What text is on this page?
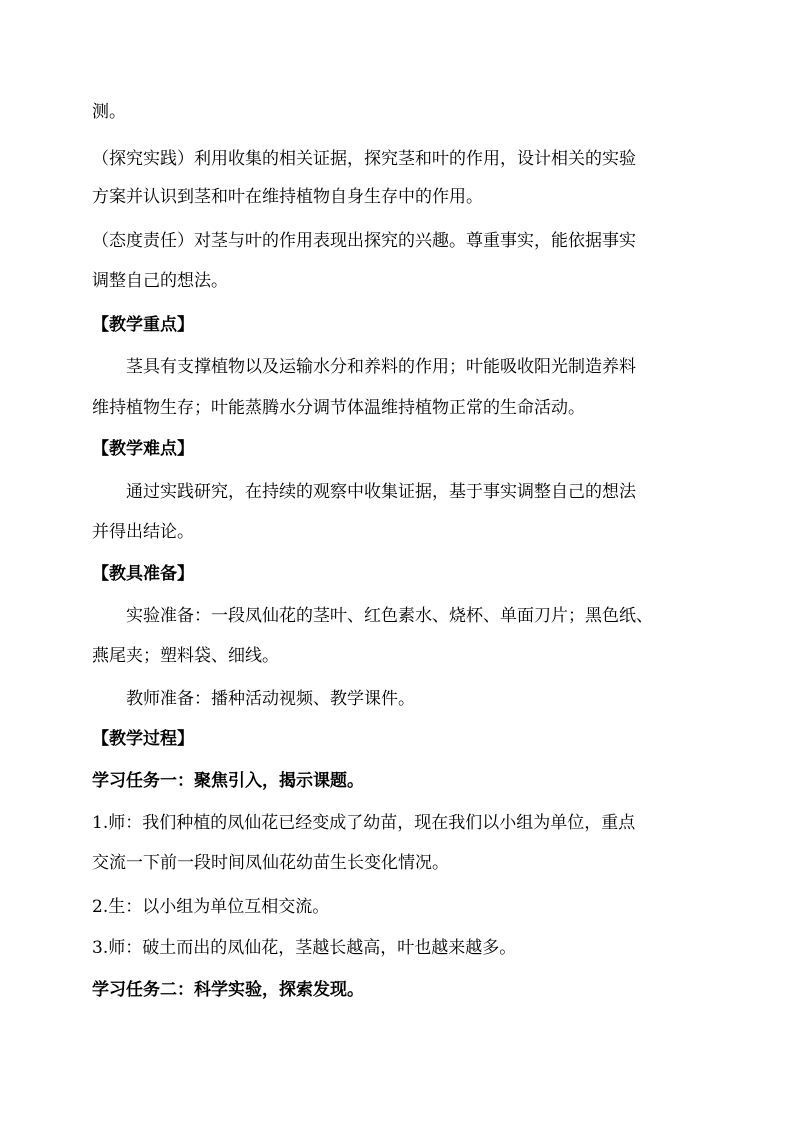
测。
（探究实践）利用收集的相关证据，探究茎和叶的作用，设计相关的实验
方案并认识到茎和叶在维持植物自身生存中的作用。
（态度责任）对茎与叶的作用表现出探究的兴趣。尊重事实，能依据事实
调整自己的想法。
【教学重点】
茎具有支撑植物以及运输水分和养料的作用；叶能吸收阳光制造养料
维持植物生存；叶能蒸腾水分调节体温维持植物正常的生命活动。
【教学难点】
通过实践研究，在持续的观察中收集证据，基于事实调整自己的想法
并得出结论。
【教具准备】
实验准备：一段凤仙花的茎叶、红色素水、烧杯、单面刀片；黑色纸、
燕尾夹；塑料袋、细线。
教师准备：播种活动视频、教学课件。
【教学过程】
学习任务一：聚焦引入，揭示课题。
1.师：我们种植的凤仙花已经变成了幼苗，现在我们以小组为单位，重点
交流一下前一段时间凤仙花幼苗生长变化情况。
2.生：以小组为单位互相交流。
3.师：破土而出的凤仙花，茎越长越高，叶也越来越多。
学习任务二：科学实验，探索发现。
